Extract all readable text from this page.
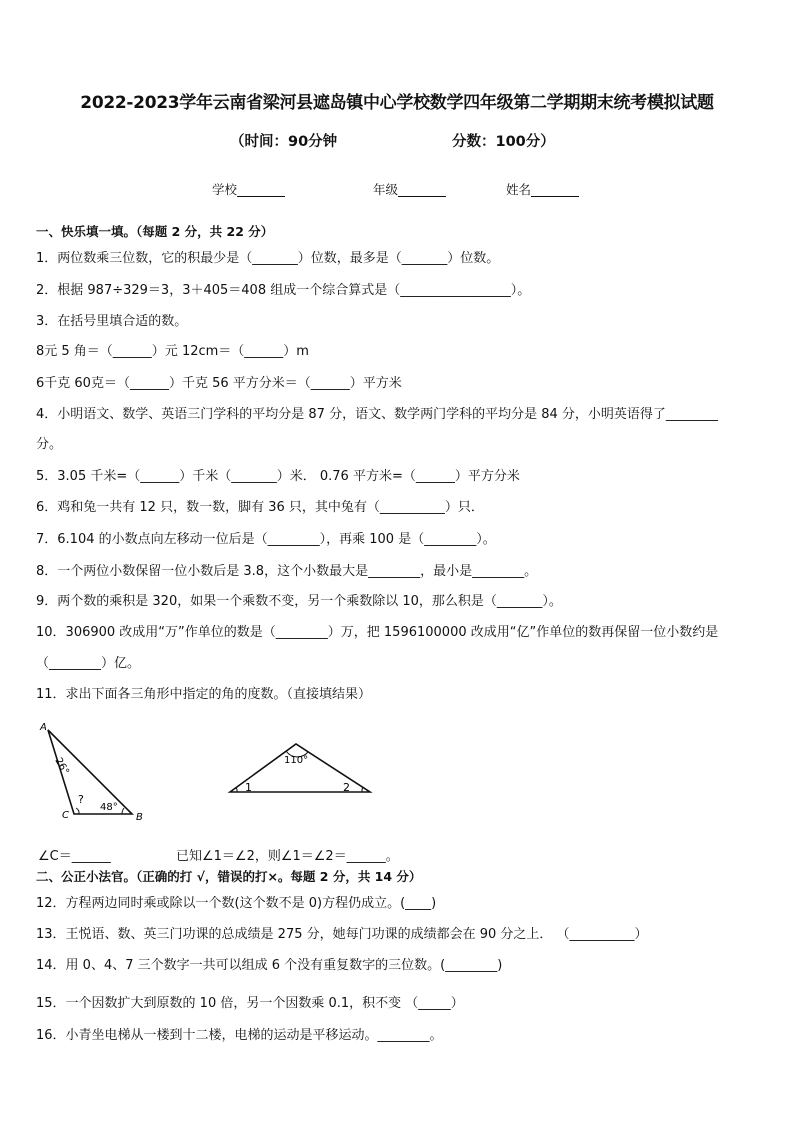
2022-2023学年云南省梁河县遮岛镇中心学校数学四年级第二学期期末统考模拟试题
（时间：90分钟	分数：100分）
学校	年级	姓名
一、快乐填一填。（每题 2 分，共 22 分）
1．两位数乘三位数，它的积最少是（_______）位数，最多是（_______）位数。
2．根据 987÷329＝3，3＋405＝408 组成一个综合算式是（_________________）。
3．在括号里填合适的数。
8元 5 角＝（______）元 12cm＝（______）m
6千克 60克＝（______）千克 56 平方分米＝（______）平方米
4．小明语文、数学、英语三门学科的平均分是 87 分，语文、数学两门学科的平均分是 84 分，小明英语得了________
分。
5．3.05 千米=（______）千米（_______）米． 0.76 平方米=（______）平方分米
6．鸡和兔一共有 12 只，数一数，脚有 36 只，其中兔有（__________）只．
7．6.104 的小数点向左移动一位后是（________），再乘 100 是（________）。
8．一个两位小数保留一位小数后是 3.8，这个小数最大是________，最小是________。
9．两个数的乘积是 320，如果一个乘数不变，另一个乘数除以 10，那么积是（_______）。
10．306900 改成用“万”作单位的数是（________）万，把 1596100000 改成用“亿”作单位的数再保留一位小数约是
（________）亿。
11．求出下面各三角形中指定的角的度数。（直接填结果）
A
C	B
26°
?
48°
110°
1	2
∠C＝______	已知∠1＝∠2，则∠1＝∠2＝______。
二、公正小法官。（正确的打 √，错误的打×。每题 2 分，共 14 分）
12．方程两边同时乘或除以一个数(这个数不是 0)方程仍成立。(____)
13．王悦语、数、英三门功课的总成绩是 275 分，她每门功课的成绩都会在 90 分之上． （__________）
14．用 0、4、7 三个数字一共可以组成 6 个没有重复数字的三位数。(________)
15．一个因数扩大到原数的 10 倍，另一个因数乘 0.1，积不变 （_____）
16．小青坐电梯从一楼到十二楼，电梯的运动是平移运动。________。
